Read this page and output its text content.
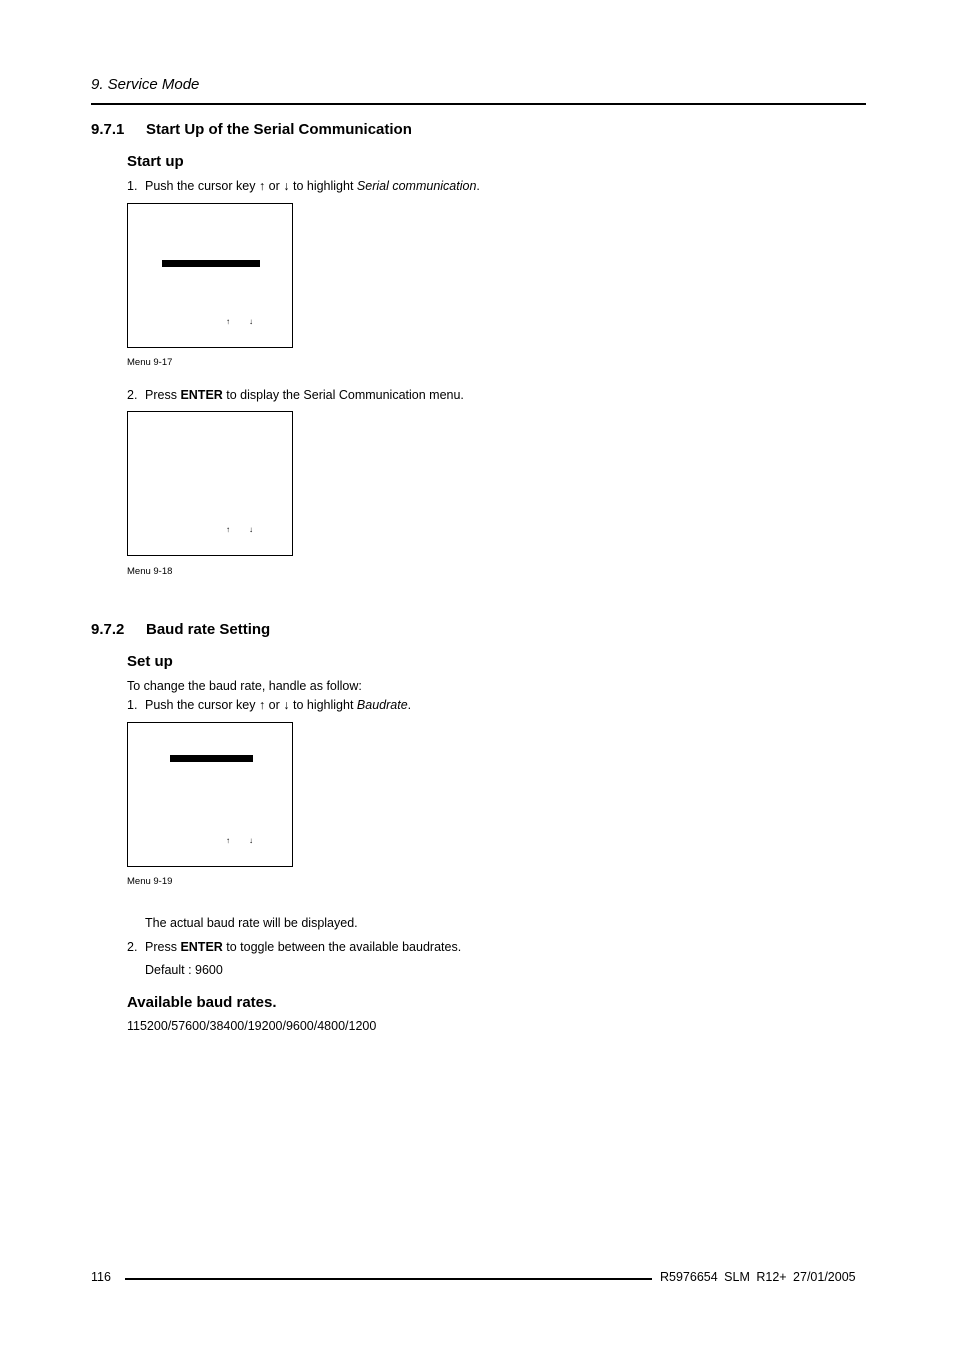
9. Service Mode
9.7.1 Start Up of the Serial Communication
Start up
1. Push the cursor key ↑ or ↓ to highlight Serial communication.
↑ ↓
Menu 9-17
2. Press ENTER to display the Serial Communication menu.
↑ ↓
Menu 9-18
9.7.2 Baud rate Setting
Set up
To change the baud rate, handle as follow:
1. Push the cursor key ↑ or ↓ to highlight Baudrate.
↑ ↓
Menu 9-19
The actual baud rate will be displayed.
2. Press ENTER to toggle between the available baudrates.
Default : 9600
Available baud rates.
115200/57600/38400/19200/9600/4800/1200
116	R5976654 SLM R12+ 27/01/2005
